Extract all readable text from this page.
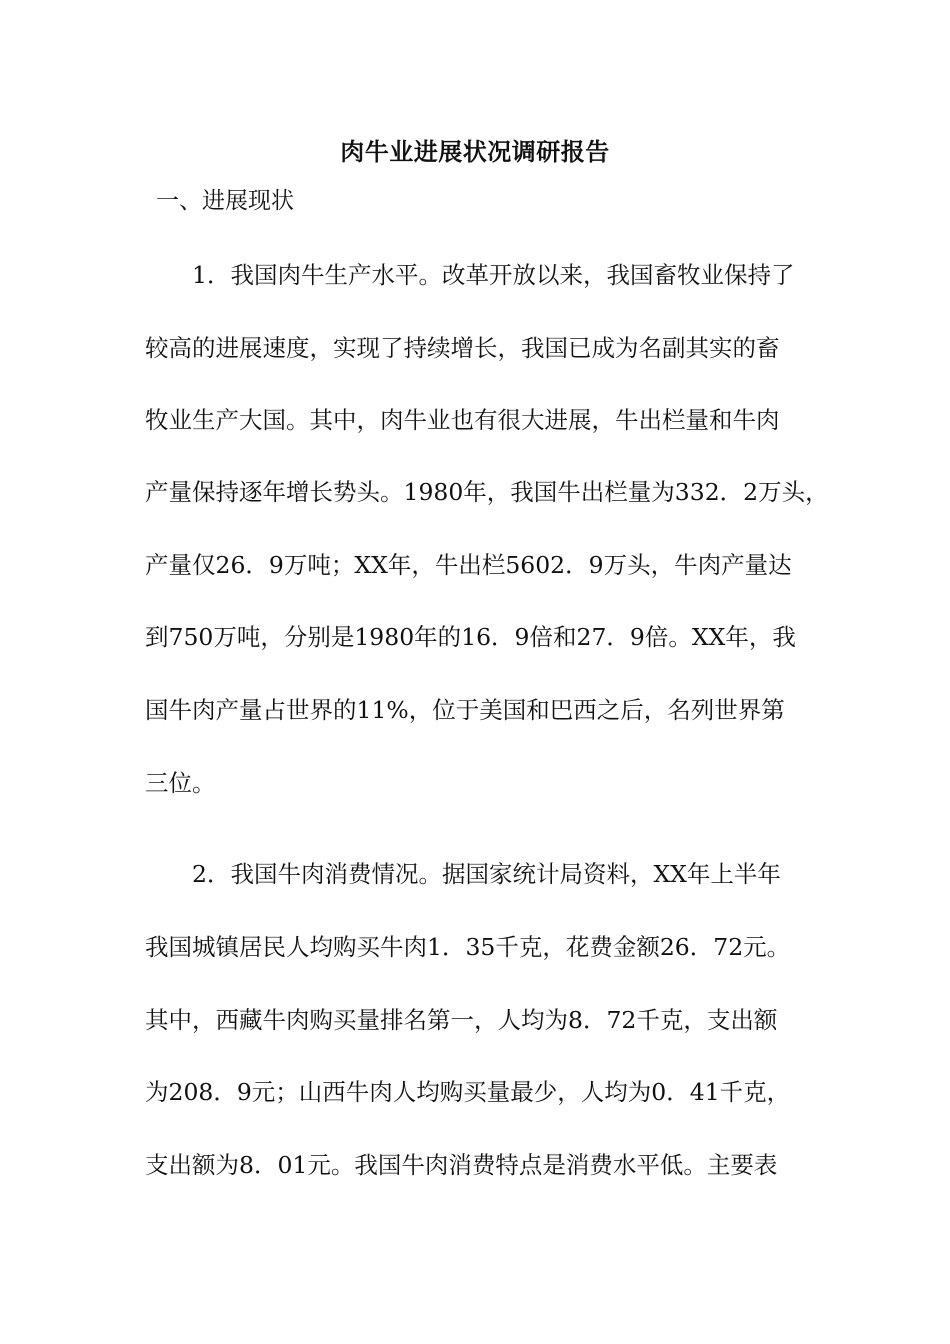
肉牛业进展状况调研报告
一、进展现状
1．我国肉牛生产水平。改革开放以来，我国畜牧业保持了
较高的进展速度，实现了持续增长，我国已成为名副其实的畜
牧业生产大国。其中，肉牛业也有很大进展，牛出栏量和牛肉
产量保持逐年增长势头。1980年，我国牛出栏量为332．2万头，
产量仅26．9万吨；XX年，牛出栏5602．9万头，牛肉产量达
到750万吨，分别是1980年的16．9倍和27．9倍。XX年，我
国牛肉产量占世界的11%，位于美国和巴西之后，名列世界第
三位。
2．我国牛肉消费情况。据国家统计局资料，XX年上半年
我国城镇居民人均购买牛肉1．35千克，花费金额26．72元。
其中，西藏牛肉购买量排名第一，人均为8．72千克，支出额
为208．9元；山西牛肉人均购买量最少，人均为0．41千克，
支出额为8．01元。我国牛肉消费特点是消费水平低。主要表
